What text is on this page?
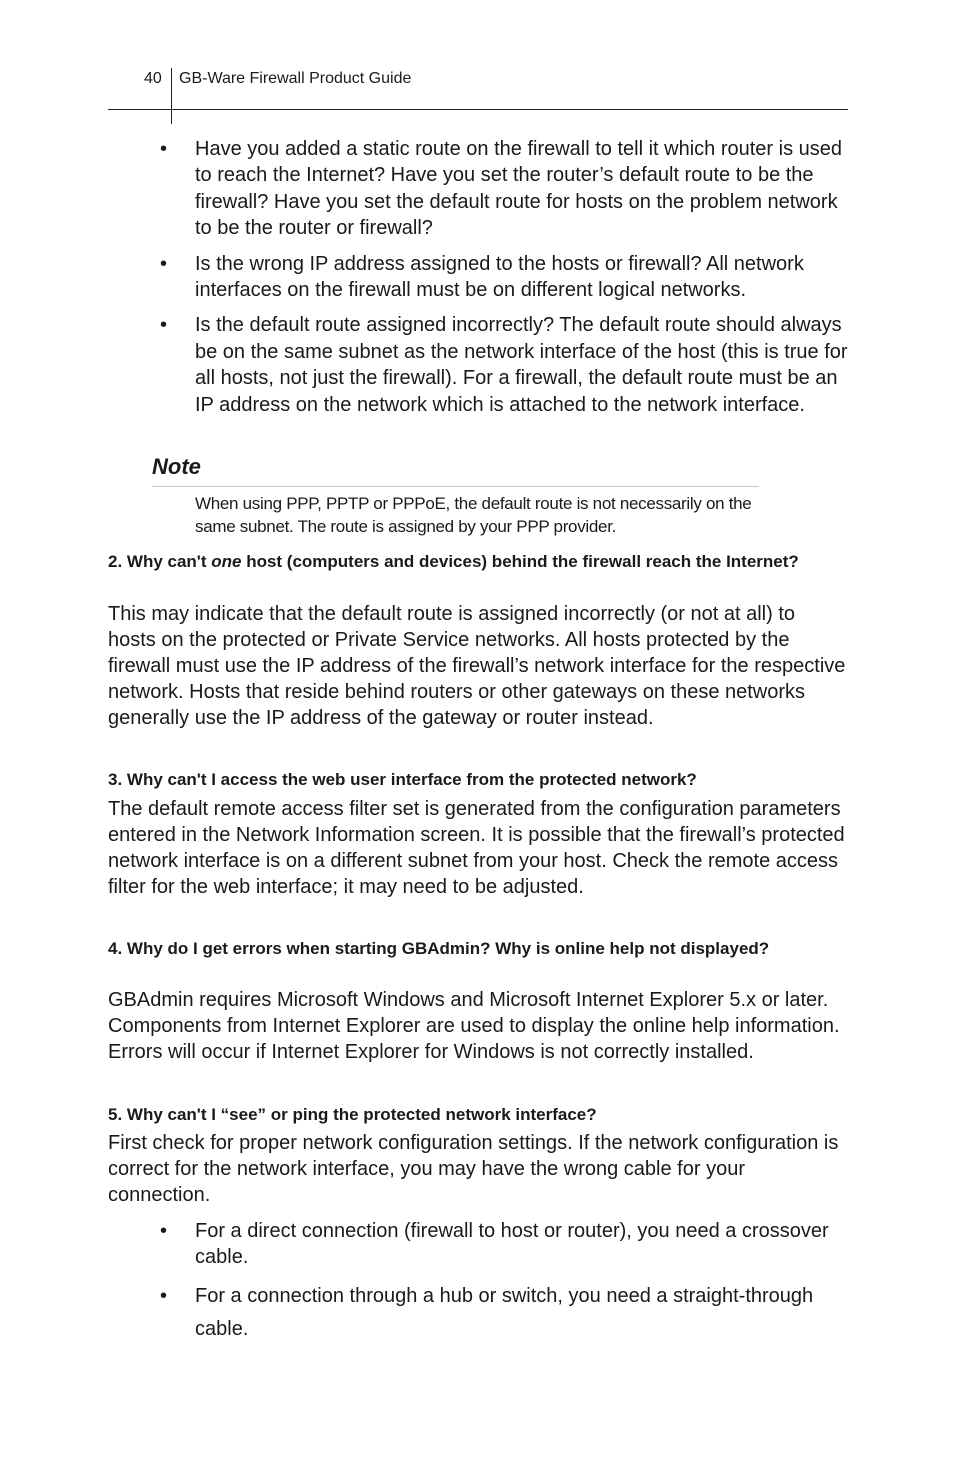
40 GB-Ware Firewall Product Guide
• Have you added a static route on the firewall to tell it which router is used to reach the Internet? Have you set the router’s default route to be the firewall? Have you set the default route for hosts on the problem network to be the router or firewall?
• Is the wrong IP address assigned to the hosts or firewall? All network interfaces on the firewall must be on different logical networks.
• Is the default route assigned incorrectly? The default route should always be on the same subnet as the network interface of the host (this is true for all hosts, not just the firewall). For a firewall, the default route must be an IP address on the network which is attached to the network interface.
Note
When using PPP, PPTP or PPPoE, the default route is not necessarily on the same subnet. The route is assigned by your PPP provider.
2. Why can't one host (computers and devices) behind the firewall reach the Internet?
This may indicate that the default route is assigned incorrectly (or not at all) to hosts on the protected or Private Service networks. All hosts protected by the firewall must use the IP address of the firewall’s network interface for the respective network. Hosts that reside behind routers or other gateways on these networks generally use the IP address of the gateway or router instead.
3. Why can't I access the web user interface from the protected network?
The default remote access filter set is generated from the configuration parameters entered in the Network Information screen. It is possible that the firewall’s protected network interface is on a different subnet from your host. Check the remote access filter for the web interface; it may need to be adjusted.
4. Why do I get errors when starting GBAdmin? Why is online help not displayed?
GBAdmin requires Microsoft Windows and Microsoft Internet Explorer 5.x or later. Components from Internet Explorer are used to display the online help information. Errors will occur if Internet Explorer for Windows is not correctly installed.
5. Why can't I “see” or ping the protected network interface?
First check for proper network configuration settings. If the network configuration is correct for the network interface, you may have the wrong cable for your connection.
• For a direct connection (firewall to host or router), you need a crossover cable.
• For a connection through a hub or switch, you need a straight-through cable.
